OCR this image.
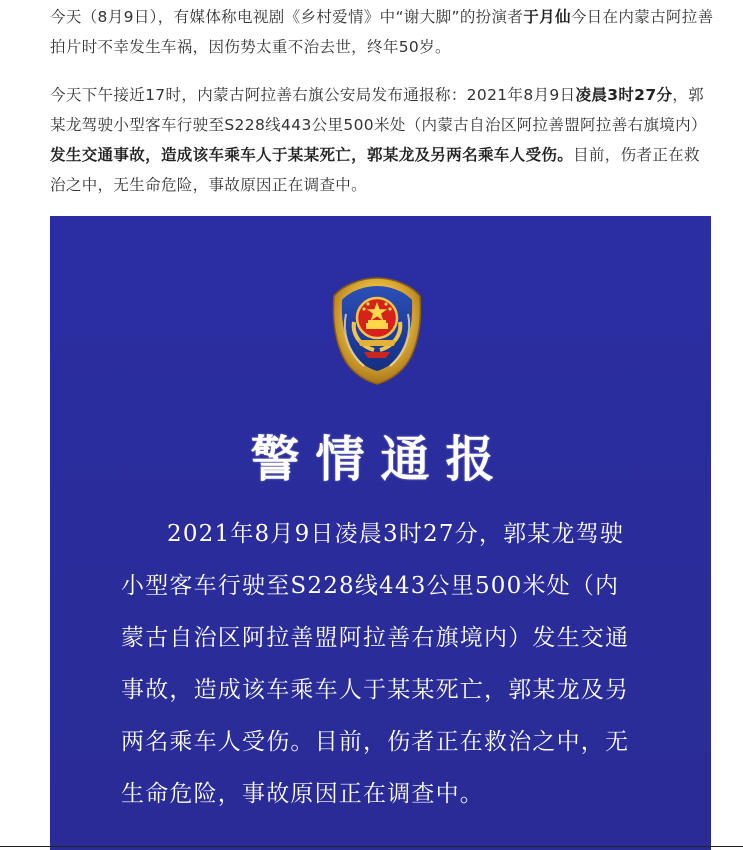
今天（8月9日），有媒体称电视剧《乡村爱情》中“谢大脚”的扮演者于月仙今日在内蒙古阿拉善拍片时不幸发生车祸，因伤势太重不治去世，终年50岁。

今天下午接近17时，内蒙古阿拉善右旗公安局发布通报称：2021年8月9日凌晨3时27分，郭某龙驾驶小型客车行驶至S228线443公里500米处（内蒙古自治区阿拉善盟阿拉善右旗境内）发生交通事故，造成该车乘车人于某某死亡，郭某龙及另两名乘车人受伤。目前，伤者正在救治之中，无生命危险，事故原因正在调查中。

警情通报

2021年8月9日凌晨3时27分，郭某龙驾驶小型客车行驶至S228线443公里500米处（内蒙古自治区阿拉善盟阿拉善右旗境内）发生交通事故，造成该车乘车人于某某死亡，郭某龙及另两名乘车人受伤。目前，伤者正在救治之中，无生命危险，事故原因正在调查中。
